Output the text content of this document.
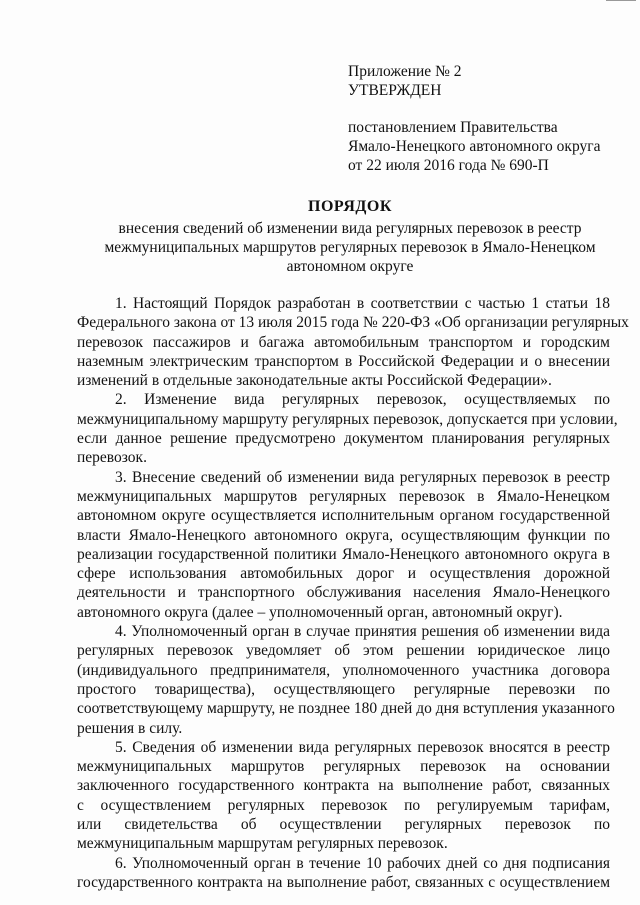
Приложение № 2
УТВЕРЖДЕН
постановлением Правительства
Ямало-Ненецкого автономного округа
от 22 июля 2016 года № 690-П
ПОРЯДОК
внесения сведений об изменении вида регулярных перевозок в реестр
межмуниципальных маршрутов регулярных перевозок в Ямало-Ненецком
автономном округе
1. Настоящий Порядок разработан в соответствии с частью 1 статьи 18
Федерального закона от 13 июля 2015 года № 220-ФЗ «Об организации регулярных
перевозок пассажиров и багажа автомобильным транспортом и городским
наземным электрическим транспортом в Российской Федерации и о внесении
изменений в отдельные законодательные акты Российской Федерации».
2. Изменение вида регулярных перевозок, осуществляемых по
межмуниципальному маршруту регулярных перевозок, допускается при условии,
если данное решение предусмотрено документом планирования регулярных
перевозок.
3. Внесение сведений об изменении вида регулярных перевозок в реестр
межмуниципальных маршрутов регулярных перевозок в Ямало-Ненецком
автономном округе осуществляется исполнительным органом государственной
власти Ямало-Ненецкого автономного округа, осуществляющим функции по
реализации государственной политики Ямало-Ненецкого автономного округа в
сфере использования автомобильных дорог и осуществления дорожной
деятельности и транспортного обслуживания населения Ямало-Ненецкого
автономного округа (далее – уполномоченный орган, автономный округ).
4. Уполномоченный орган в случае принятия решения об изменении вида
регулярных перевозок уведомляет об этом решении юридическое лицо
(индивидуального предпринимателя, уполномоченного участника договора
простого товарищества), осуществляющего регулярные перевозки по
соответствующему маршруту, не позднее 180 дней до дня вступления указанного
решения в силу.
5. Сведения об изменении вида регулярных перевозок вносятся в реестр
межмуниципальных маршрутов регулярных перевозок на основании
заключенного государственного контракта на выполнение работ, связанных
с осуществлением регулярных перевозок по регулируемым тарифам,
или свидетельства об осуществлении регулярных перевозок по
межмуниципальным маршрутам регулярных перевозок.
6. Уполномоченный орган в течение 10 рабочих дней со дня подписания
государственного контракта на выполнение работ, связанных с осуществлением
